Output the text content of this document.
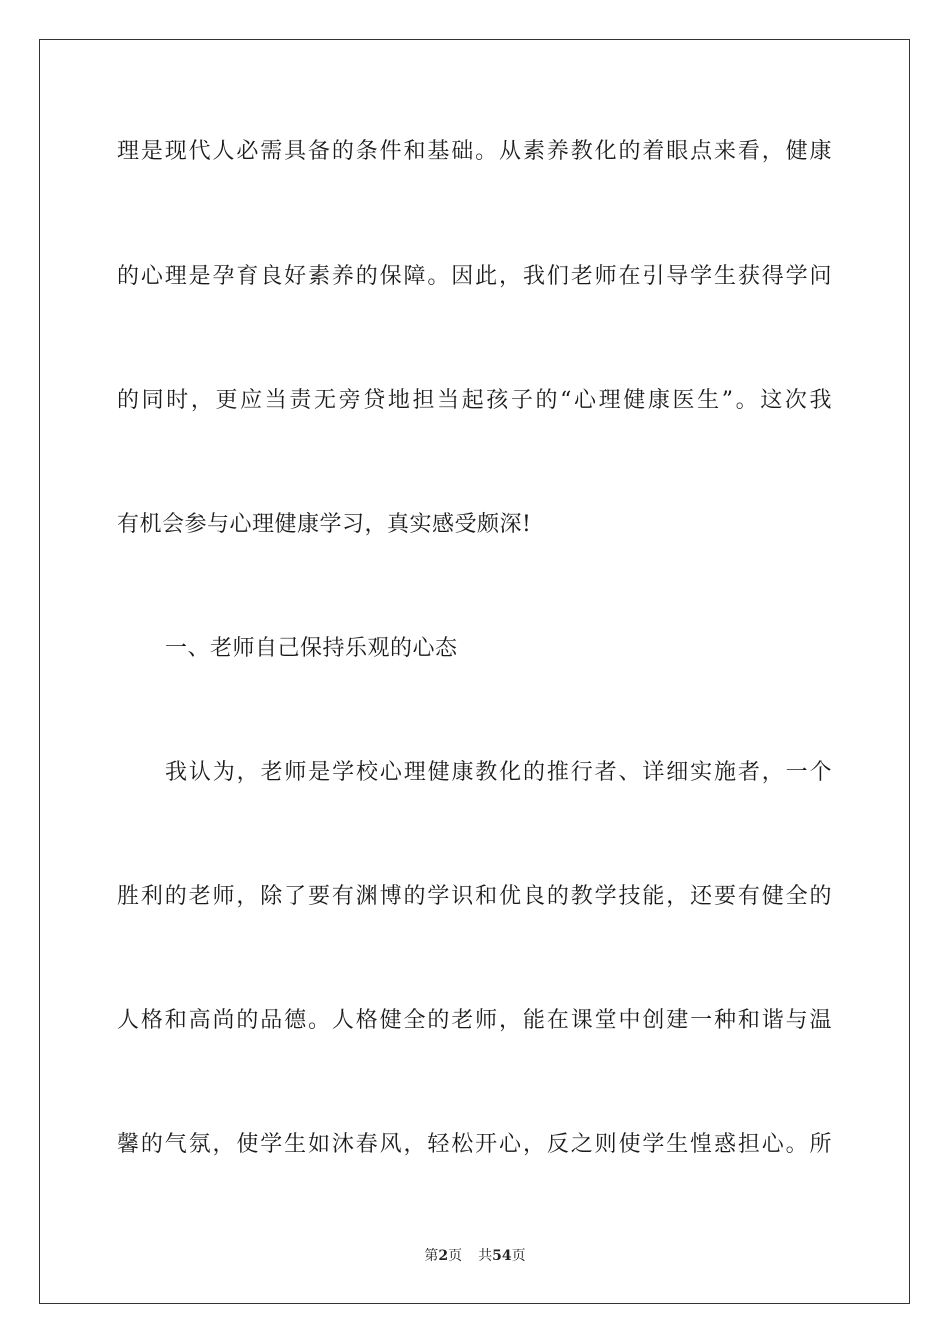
理是现代人必需具备的条件和基础。从素养教化的着眼点来看，健康
的心理是孕育良好素养的保障。因此，我们老师在引导学生获得学问
的同时，更应当责无旁贷地担当起孩子的“心理健康医生”。这次我
有机会参与心理健康学习，真实感受颇深!
一、老师自己保持乐观的心态
我认为，老师是学校心理健康教化的推行者、详细实施者，一个
胜利的老师，除了要有渊博的学识和优良的教学技能，还要有健全的
人格和高尚的品德。人格健全的老师，能在课堂中创建一种和谐与温
馨的气氛，使学生如沐春风，轻松开心，反之则使学生惶惑担心。所
第2页 共54页
